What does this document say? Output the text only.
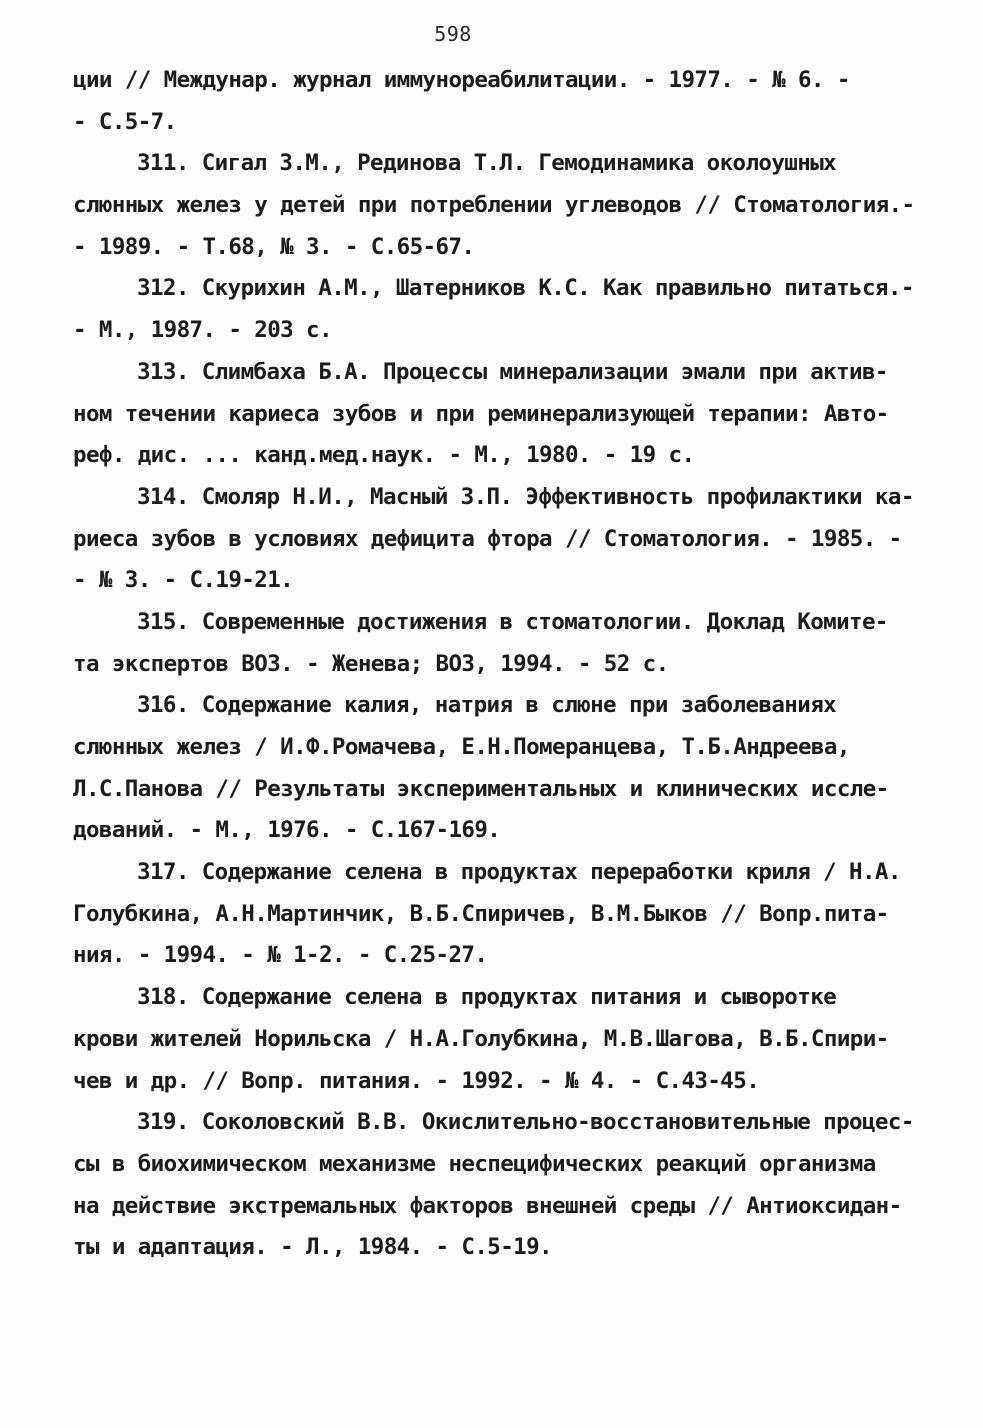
598
ции // Междунар. журнал иммунореабилитации. - 1977. - № 6. -
- С.5-7.
311. Сигал З.М., Рединова Т.Л. Гемодинамика околоушных
слюнных желез у детей при потреблении углеводов // Стоматология.-
- 1989. - Т.68, № 3. - С.65-67.
312. Скурихин А.М., Шатерников К.С. Как правильно питаться.-
- М., 1987. - 203 с.
313. Слимбаха Б.А. Процессы минерализации эмали при актив-
ном течении кариеса зубов и при реминерализующей терапии: Авто-
реф. дис. ... канд.мед.наук. - М., 1980. - 19 с.
314. Смоляр Н.И., Масный З.П. Эффективность профилактики ка-
риеса зубов в условиях дефицита фтора // Стоматология. - 1985. -
- № 3. - С.19-21.
315. Современные достижения в стоматологии. Доклад Комите-
та экспертов ВОЗ. - Женева; ВОЗ, 1994. - 52 с.
316. Содержание калия, натрия в слюне при заболеваниях
слюнных желез / И.Ф.Ромачева, Е.Н.Померанцева, Т.Б.Андреева,
Л.С.Панова // Результаты экспериментальных и клинических иссле-
дований. - М., 1976. - С.167-169.
317. Содержание селена в продуктах переработки криля / Н.А.
Голубкина, А.Н.Мартинчик, В.Б.Спиричев, В.М.Быков // Вопр.пита-
ния. - 1994. - № 1-2. - С.25-27.
318. Содержание селена в продуктах питания и сыворотке
крови жителей Норильска / Н.А.Голубкина, М.В.Шагова, В.Б.Спири-
чев и др. // Вопр. питания. - 1992. - № 4. - С.43-45.
319. Соколовский В.В. Окислительно-восстановительные процес-
сы в биохимическом механизме неспецифических реакций организма
на действие экстремальных факторов внешней среды // Антиоксидан-
ты и адаптация. - Л., 1984. - С.5-19.
